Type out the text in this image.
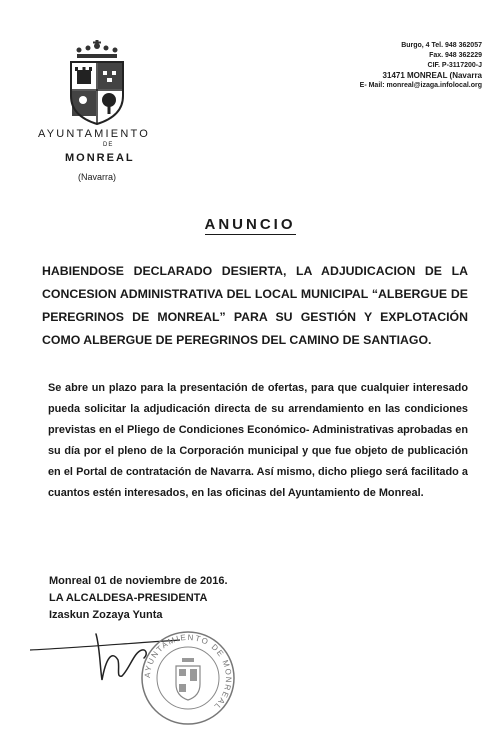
AYUNTAMIENTO
DE
MONREAL
(Navarra)
Burgo, 4 Tel. 948 362057
Fax. 948 362229
CIF. P-3117200-J
31471 MONREAL (Navarra
E- Mail: monreal@izaga.infolocal.org
ANUNCIO
HABIENDOSE DECLARADO DESIERTA, LA ADJUDICACION DE LA CONCESION ADMINISTRATIVA DEL LOCAL MUNICIPAL “ALBERGUE DE PEREGRINOS DE MONREAL” PARA SU GESTIÓN Y EXPLOTACIÓN COMO ALBERGUE DE PEREGRINOS DEL CAMINO DE SANTIAGO.
Se abre un plazo para la presentación de ofertas, para que cualquier interesado pueda solicitar la adjudicación directa de su arrendamiento en las condiciones previstas en el Pliego de Condiciones Económico- Administrativas aprobadas en su día por el pleno de la Corporación municipal y que fue objeto de publicación en el Portal de contratación de Navarra. Así mismo, dicho pliego será facilitado a cuantos estén interesados, en las oficinas del Ayuntamiento de Monreal.
Monreal 01 de noviembre de 2016.
LA ALCALDESA-PRESIDENTA
Izaskun Zozaya Yunta
AYUNTAMIENTO DE MONREAL
